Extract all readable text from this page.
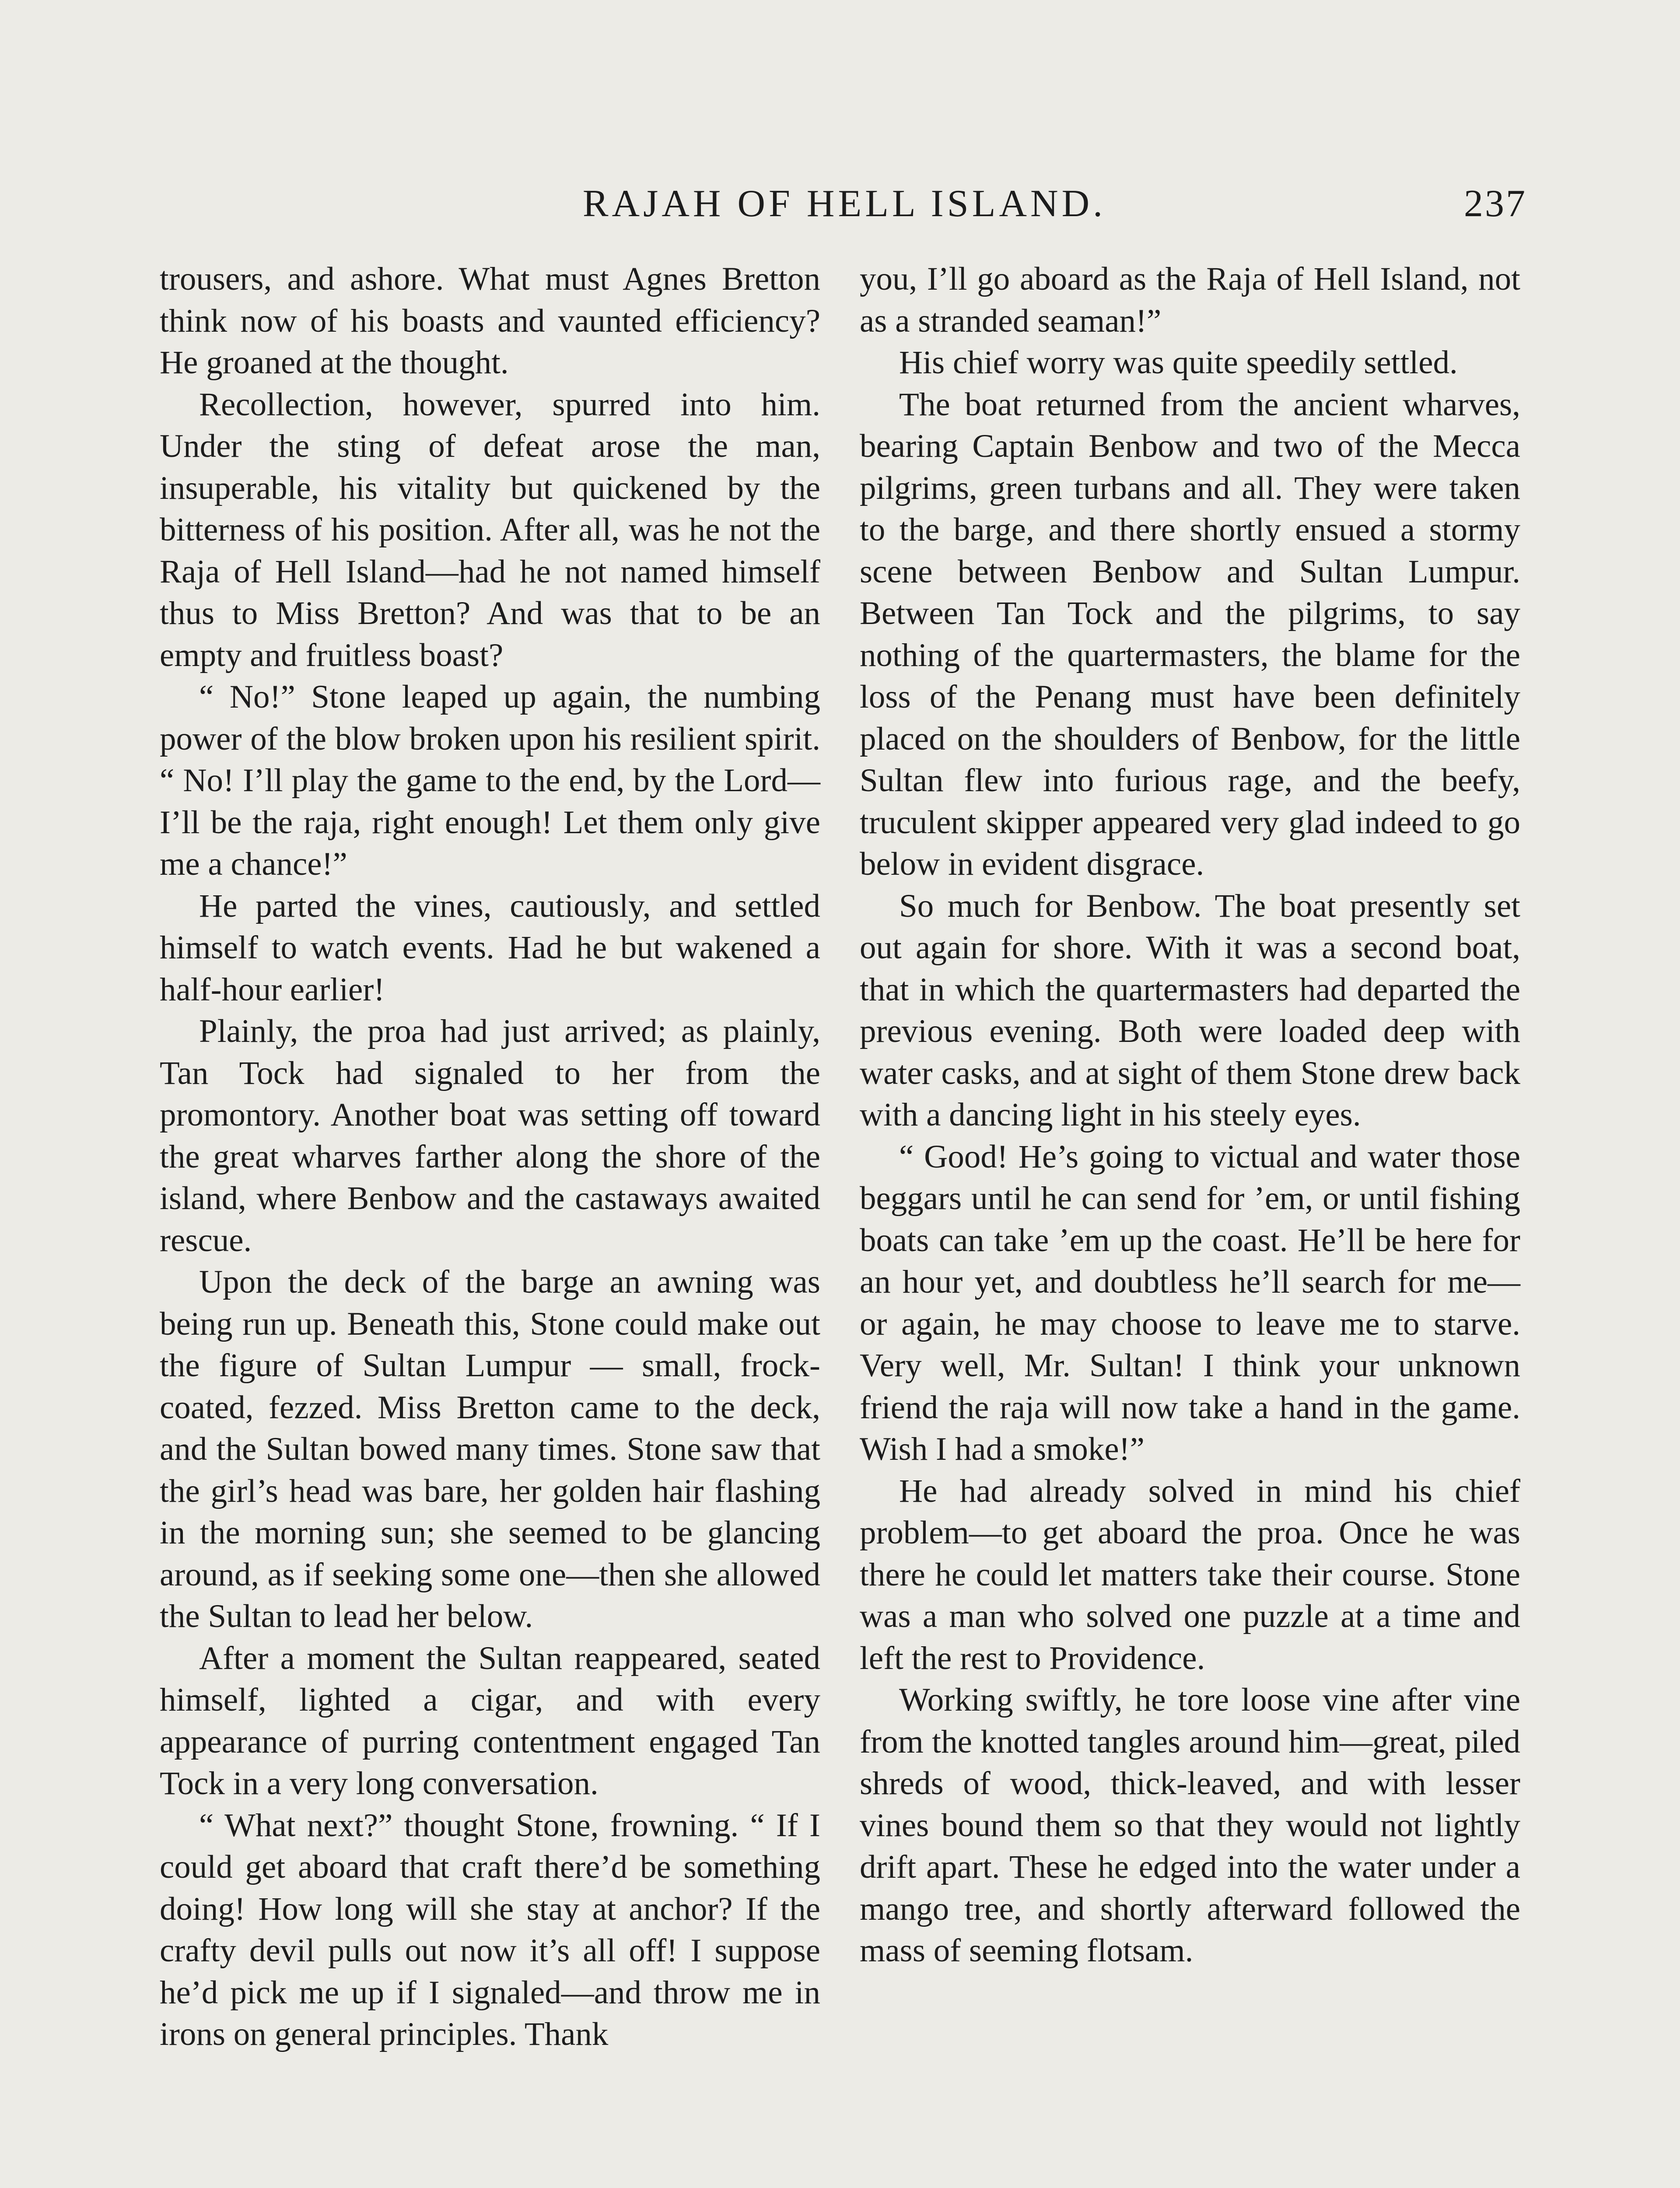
RAJAH OF HELL ISLAND.	237

trousers, and ashore. What must Agnes Bretton think now of his boasts and vaunted efficiency? He groaned at the thought.

Recollection, however, spurred into him. Under the sting of defeat arose the man, insuperable, his vitality but quickened by the bitterness of his position. After all, was he not the Raja of Hell Island—had he not named himself thus to Miss Bretton? And was that to be an empty and fruitless boast?

“ No!” Stone leaped up again, the numbing power of the blow broken upon his resilient spirit. “ No! I’ll play the game to the end, by the Lord—I’ll be the raja, right enough! Let them only give me a chance!”

He parted the vines, cautiously, and settled himself to watch events. Had he but wakened a half-hour earlier!

Plainly, the proa had just arrived; as plainly, Tan Tock had signaled to her from the promontory. Another boat was setting off toward the great wharves farther along the shore of the island, where Benbow and the castaways awaited rescue.

Upon the deck of the barge an awning was being run up. Beneath this, Stone could make out the figure of Sultan Lumpur — small, frock-coated, fezzed. Miss Bretton came to the deck, and the Sultan bowed many times. Stone saw that the girl’s head was bare, her golden hair flashing in the morning sun; she seemed to be glancing around, as if seeking some one—then she allowed the Sultan to lead her below.

After a moment the Sultan reappeared, seated himself, lighted a cigar, and with every appearance of purring contentment engaged Tan Tock in a very long conversation.

“ What next?” thought Stone, frowning. “ If I could get aboard that craft there’d be something doing! How long will she stay at anchor? If the crafty devil pulls out now it’s all off! I suppose he’d pick me up if I signaled—and throw me in irons on general principles. Thank

you, I’ll go aboard as the Raja of Hell Island, not as a stranded seaman!”

His chief worry was quite speedily settled.

The boat returned from the ancient wharves, bearing Captain Benbow and two of the Mecca pilgrims, green turbans and all. They were taken to the barge, and there shortly ensued a stormy scene between Benbow and Sultan Lumpur. Between Tan Tock and the pilgrims, to say nothing of the quartermasters, the blame for the loss of the Penang must have been definitely placed on the shoulders of Benbow, for the little Sultan flew into furious rage, and the beefy, truculent skipper appeared very glad indeed to go below in evident disgrace.

So much for Benbow. The boat presently set out again for shore. With it was a second boat, that in which the quartermasters had departed the previous evening. Both were loaded deep with water casks, and at sight of them Stone drew back with a dancing light in his steely eyes.

“ Good! He’s going to victual and water those beggars until he can send for ’em, or until fishing boats can take ’em up the coast. He’ll be here for an hour yet, and doubtless he’ll search for me— or again, he may choose to leave me to starve. Very well, Mr. Sultan! I think your unknown friend the raja will now take a hand in the game. Wish I had a smoke!”

He had already solved in mind his chief problem—to get aboard the proa. Once he was there he could let matters take their course. Stone was a man who solved one puzzle at a time and left the rest to Providence.

Working swiftly, he tore loose vine after vine from the knotted tangles around him—great, piled shreds of wood, thick-leaved, and with lesser vines bound them so that they would not lightly drift apart. These he edged into the water under a mango tree, and shortly afterward followed the mass of seeming flotsam.
